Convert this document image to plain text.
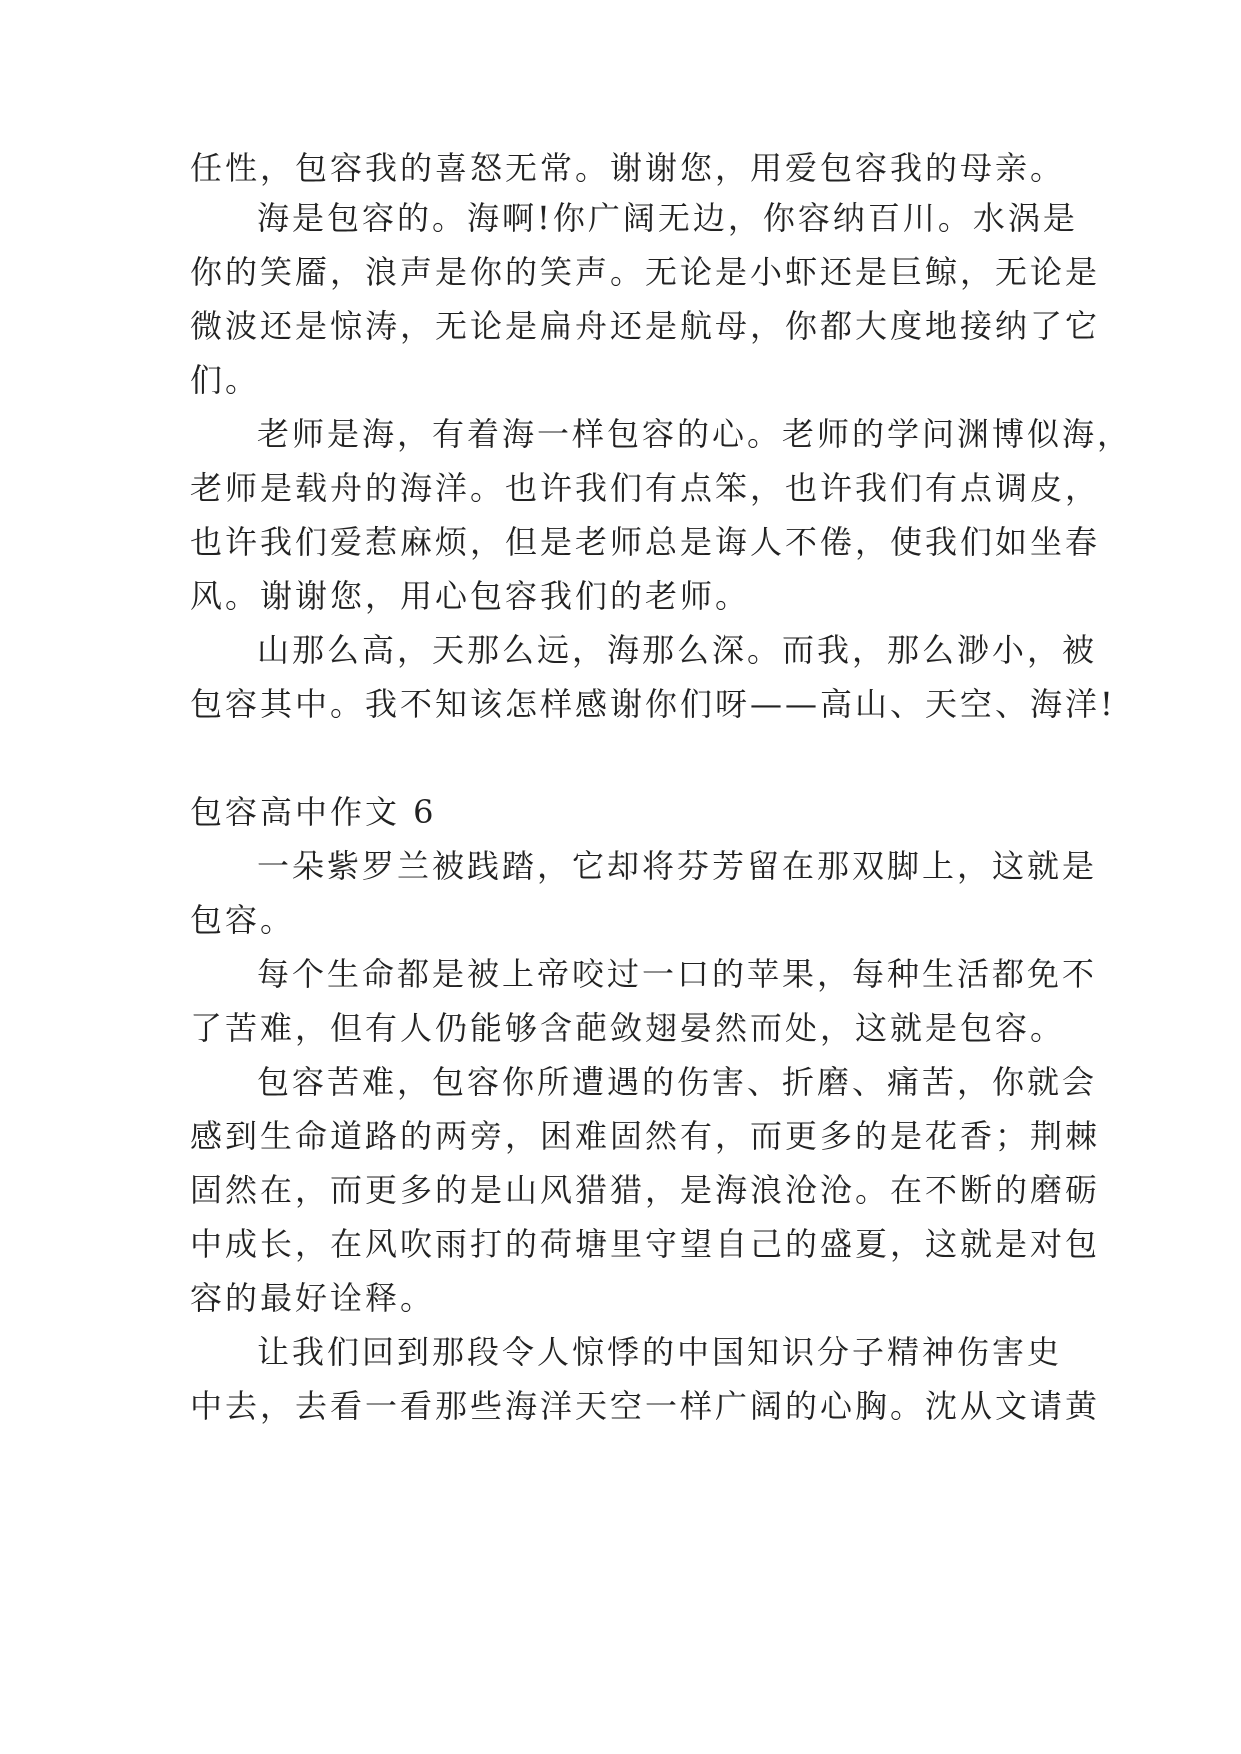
任性，包容我的喜怒无常。谢谢您，用爱包容我的母亲。
海是包容的。海啊!你广阔无边，你容纳百川。水涡是
你的笑靥，浪声是你的笑声。无论是小虾还是巨鲸，无论是
微波还是惊涛，无论是扁舟还是航母，你都大度地接纳了它
们。
老师是海，有着海一样包容的心。老师的学问渊博似海，
老师是载舟的海洋。也许我们有点笨，也许我们有点调皮，
也许我们爱惹麻烦，但是老师总是诲人不倦，使我们如坐春
风。谢谢您，用心包容我们的老师。
山那么高，天那么远，海那么深。而我，那么渺小，被
包容其中。我不知该怎样感谢你们呀——高山、天空、海洋!
包容高中作文 6
一朵紫罗兰被践踏，它却将芬芳留在那双脚上，这就是
包容。
每个生命都是被上帝咬过一口的苹果，每种生活都免不
了苦难，但有人仍能够含葩敛翅晏然而处，这就是包容。
包容苦难，包容你所遭遇的伤害、折磨、痛苦，你就会
感到生命道路的两旁，困难固然有，而更多的是花香；荆棘
固然在，而更多的是山风猎猎，是海浪沧沧。在不断的磨砺
中成长，在风吹雨打的荷塘里守望自己的盛夏，这就是对包
容的最好诠释。
让我们回到那段令人惊悸的中国知识分子精神伤害史
中去，去看一看那些海洋天空一样广阔的心胸。沈从文请黄
